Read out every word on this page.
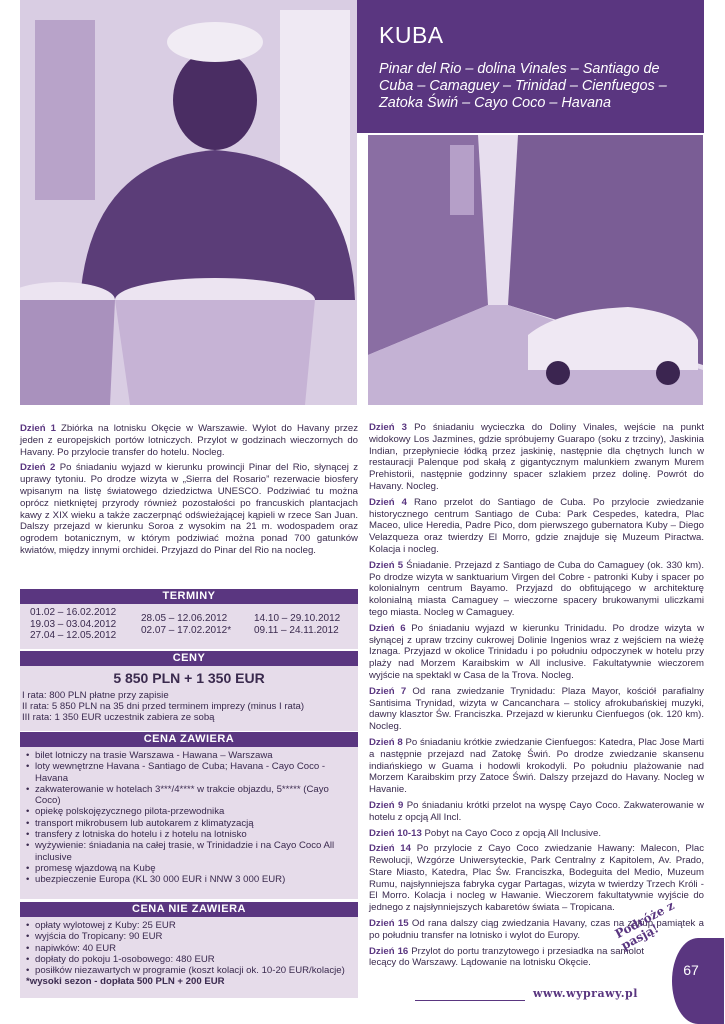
KUBA
Pinar del Rio – dolina Vinales – Santiago de Cuba – Camaguey – Trinidad – Cienfuegos – Zatoka Świń – Cayo Coco – Havana

Dzień 1 Zbiórka na lotnisku Okęcie w Warszawie. Wylot do Havany przez jeden z europejskich portów lotniczych. Przylot w godzinach wieczornych do Havany. Po przylocie transfer do hotelu. Nocleg.

Dzień 2 Po śniadaniu wyjazd w kierunku prowincji Pinar del Rio, słynącej z uprawy tytoniu. Po drodze wizyta w „Sierra del Rosario” rezerwacie biosfery wpisanym na listę światowego dziedzictwa UNESCO. Podziwiać tu można oprócz nietkniętej przyrody również pozostałości po francuskich plantacjach kawy z XIX wieku a także zaczerpnąć odświeżającej kąpieli w rzece San Juan. Dalszy przejazd w kierunku Soroa z wysokim na 21 m. wodospadem oraz ogrodem botanicznym, w którym podziwiać można ponad 700 gatunków kwiatów, między innymi orchidei. Przyjazd do Pinar del Rio na nocleg.

TERMINY
01.02 – 16.02.2012
19.03 – 03.04.2012
27.04 – 12.05.2012
28.05 – 12.06.2012
02.07 – 17.02.2012*
14.10 – 29.10.2012
09.11 – 24.11.2012
CENY
5 850 PLN + 1 350 EUR
I rata: 800 PLN płatne przy zapisie
II rata: 5 850 PLN na 35 dni przed terminem imprezy (minus I rata)
III rata: 1 350 EUR uczestnik zabiera ze sobą
CENA ZAWIERA
• bilet lotniczy na trasie Warszawa - Hawana – Warszawa
• loty wewnętrzne Havana - Santiago de Cuba; Havana - Cayo Coco - Havana
• zakwaterowanie w hotelach 3***/4**** w trakcie objazdu, 5***** (Cayo Coco)
• opiekę polskojęzycznego pilota-przewodnika
• transport mikrobusem lub autokarem z klimatyzacją
• transfery z lotniska do hotelu i z hotelu na lotnisko
• wyżywienie: śniadania na całej trasie, w Trinidadzie i na Cayo Coco All inclusive
• promesę wjazdową na Kubę
• ubezpieczenie Europa (KL 30 000 EUR i NNW 3 000 EUR)
CENA NIE ZAWIERA
• opłaty wylotowej z Kuby: 25 EUR
• wyjścia do Tropicany: 90 EUR
• napiwków: 40 EUR
• dopłaty do pokoju 1-osobowego: 480 EUR
• posiłków niezawartych w programie (koszt kolacji ok. 10-20 EUR/kolacje)
*wysoki sezon - dopłata 500 PLN + 200 EUR

Dzień 3 Po śniadaniu wycieczka do Doliny Vinales, wejście na punkt widokowy Los Jazmines, gdzie spróbujemy Guarapo (soku z trzciny), Jaskinia Indian, przepłyniecie łódką przez jaskinię, następnie dla chętnych lunch w restauracji Palenque pod skałą z gigantycznym malunkiem zwanym Murem Prehistorii, następnie godzinny spacer szlakiem przez dolinę. Powrót do Havany. Nocleg.

Dzień 4 Rano przelot do Santiago de Cuba. Po przylocie zwiedzanie historycznego centrum Santiago de Cuba: Park Cespedes, katedra, Plac Maceo, ulice Heredia, Padre Pico, dom pierwszego gubernatora Kuby – Diego Velazqueza oraz twierdzy El Morro, gdzie znajduje się Muzeum Piractwa. Kolacja i nocleg.

Dzień 5 Śniadanie. Przejazd z Santiago de Cuba do Camaguey (ok. 330 km). Po drodze wizyta w sanktuarium Virgen del Cobre - patronki Kuby i spacer po kolonialnym centrum Bayamo. Przyjazd do obfitującego w architekturę kolonialną miasta Camaguey – wieczorne spacery brukowanymi uliczkami tego miasta. Nocleg w Camaguey.

Dzień 6 Po śniadaniu wyjazd w kierunku Trinidadu. Po drodze wizyta w słynącej z upraw trzciny cukrowej Dolinie Ingenios wraz z wejściem na wieżę Iznaga. Przyjazd w okolice Trinidadu i po południu odpoczynek w hotelu przy plaży nad Morzem Karaibskim w All inclusive. Fakultatywnie wieczorem wyjście na spektakl w Casa de la Trova. Nocleg.

Dzień 7 Od rana zwiedzanie Trynidadu: Plaza Mayor, kościół parafialny Santisima Trynidad, wizyta w Cancanchara – stolicy afrokubańskiej muzyki, dawny klasztor Św. Franciszka. Przejazd w kierunku Cienfuegos (ok. 120 km). Nocleg.

Dzień 8 Po śniadaniu krótkie zwiedzanie Cienfuegos: Katedra, Plac Jose Marti a następnie przejazd nad Zatokę Świń. Po drodze zwiedzanie skansenu indiańskiego w Guama i hodowli krokodyli. Po południu plażowanie nad Morzem Karaibskim przy Zatoce Świń. Dalszy przejazd do Havany. Nocleg w Havanie.

Dzień 9 Po śniadaniu krótki przelot na wyspę Cayo Coco. Zakwaterowanie w hotelu z opcją All Incl.

Dzień 10-13 Pobyt na Cayo Coco z opcją All Inclusive.

Dzień 14 Po przylocie z Cayo Coco zwiedzanie Hawany: Malecon, Plac Rewolucji, Wzgórze Uniwersyteckie, Park Centralny z Kapitolem, Av. Prado, Stare Miasto, Katedra, Plac Św. Franciszka, Bodeguita del Medio, Muzeum Rumu, najsłynniejsza fabryka cygar Partagas, wizyta w twierdzy Trzech Króli - El Morro. Kolacja i nocleg w Hawanie. Wieczorem fakultatywnie wyjście do jednego z najsłynniejszych kabaretów świata – Tropicana.

Dzień 15 Od rana dalszy ciąg zwiedzania Havany, czas na zakup pamiątek a po południu transfer na lotnisko i wylot do Europy.

Dzień 16 Przylot do portu tranzytowego i przesiadka na samolot lecący do Warszawy. Lądowanie na lotnisku Okęcie.

www.wyprawy.pl
Podróże z pasją!
67
